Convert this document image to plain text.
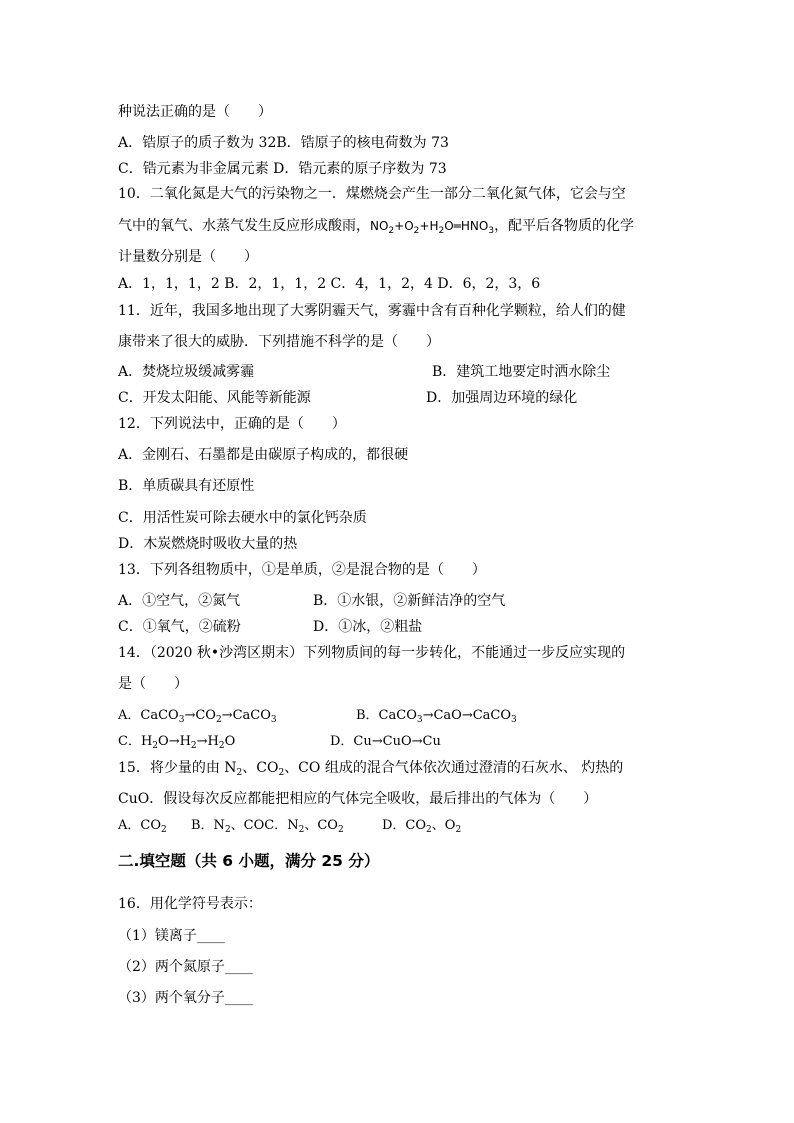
种说法正确的是（　　）
A．锆原子的质子数为 32B．锆原子的核电荷数为 73
C．锆元素为非金属元素 D．锆元素的原子序数为 73
10．二氧化氮是大气的污染物之一．煤燃烧会产生一部分二氧化氮气体，它会与空
气中的氧气、水蒸气发生反应形成酸雨，$NO_2+O_2+H_2O═HNO_3$，配平后各物质的化学
计量数分别是（　　）
A．1，1，1，2 B．2，1，1，2 C．4，1，2，4 D．6，2，3，6
11．近年，我国多地出现了大雾阴霾天气，雾霾中含有百种化学颗粒，给人们的健
康带来了很大的威胁．下列措施不科学的是（　　）
A．焚烧垃圾缓减雾霾	B．建筑工地要定时洒水除尘
C．开发太阳能、风能等新能源	D．加强周边环境的绿化
12．下列说法中，正确的是（　　）
A．金刚石、石墨都是由碳原子构成的，都很硬
B．单质碳具有还原性
C．用活性炭可除去硬水中的氯化钙杂质
D．木炭燃烧时吸收大量的热
13．下列各组物质中，①是单质，②是混合物的是（　　）
A．①空气，②氮气	B．①水银，②新鲜洁净的空气
C．①氧气，②硫粉	D．①冰，②粗盐
14．（2020 秋•沙湾区期末）下列物质间的每一步转化，不能通过一步反应实现的
是（　　）
A．$CaCO_3\to CO_2\to CaCO_3$	B．CaCO$_3$→CaO→CaCO$_3$
C．$H_2O\to H_2\to H_2O$	D．Cu→CuO→Cu
15．将少量的由 $N_2$、$CO_2$、CO 组成的混合气体依次通过澄清的石灰水、 灼热的
CuO．假设每次反应都能把相应的气体完全吸收，最后排出的气体为（　　）
A．$CO_2$ B．$N_2$、COC．$N_2$、$CO_2$	D．$CO_2$、$O_2$
二.填空题（共 6 小题，满分 25 分）
16．用化学符号表示：
（1）镁离子____
（2）两个氮原子____
（3）两个氧分子____
